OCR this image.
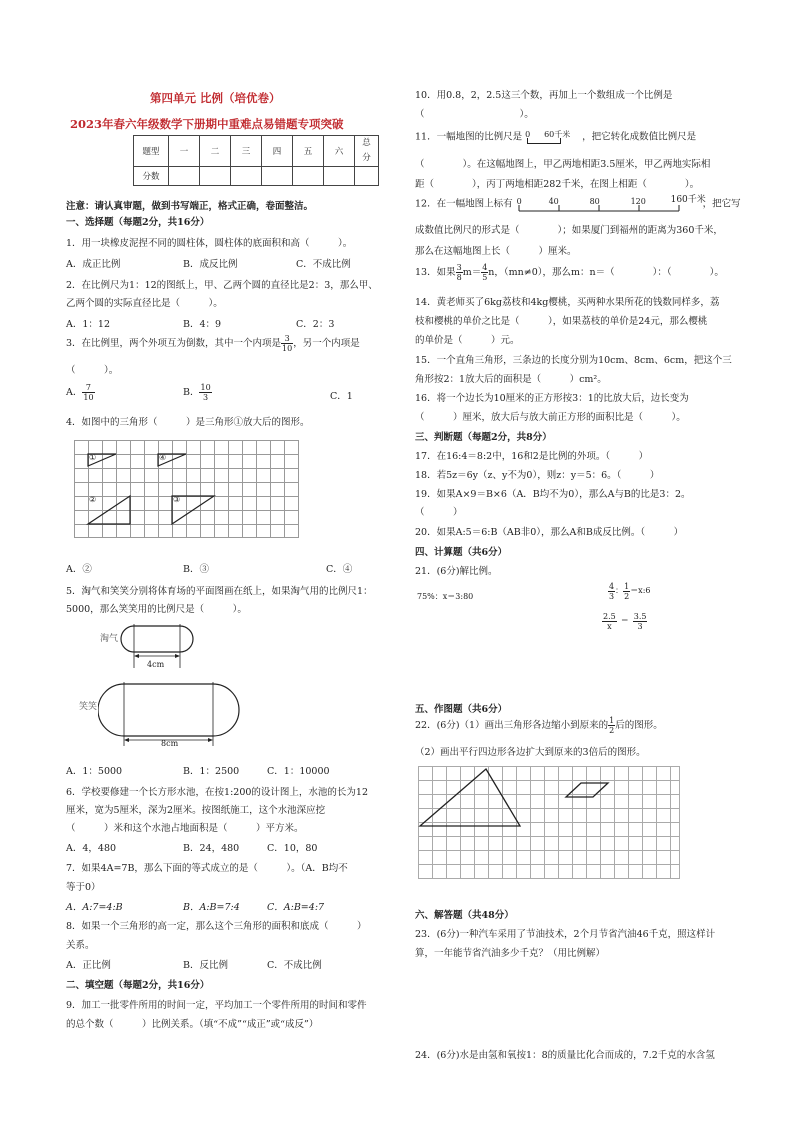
第四单元 比例（培优卷）
2023年春六年级数学下册期中重难点易错题专项突破
题型	一	二	三	四	五	六	总分
分数							
注意：请认真审题，做到书写端正，格式正确，卷面整洁。
一、选择题（每题2分，共16分）
1．用一块橡皮泥捏不同的圆柱体，圆柱体的底面积和高（　　　）。
A．成正比例	B．成反比例	C．不成比例
2．在比例尺为1：12的图纸上，甲、乙两个圆的直径比是2：3，那么甲、
乙两个圆的实际直径比是（　　　）。
A．1：12	B．4：9	C．2：3
3．在比例里，两个外项互为倒数，其中一个内项是 $\frac{3}{10}$ ，另一个内项是
（　　　）。
A． $\frac{7}{10}$	B． $\frac{10}{3}$	C．1
4．如图中的三角形（　　　）是三角形①放大后的图形。
①	④
②	③
A．②	B．③	C．④
5．淘气和笑笑分别将体育场的平面图画在纸上，如果淘气用的比例尺1：
5000，那么笑笑用的比例尺是（　　　）。
淘气
4cm
笑笑
8cm
A．1：5000	B．1：2500	C．1：10000
6．学校要修建一个长方形水池，在按1:200的设计图上，水池的长为12
厘米，宽为5厘米，深为2厘米。按图纸施工，这个水池深应挖
（　　　）米和这个水池占地面积是（　　　）平方米。
A．4，480	B．24，480	C．10，80
7．如果4A=7B，那么下面的等式成立的是（　　　）。（A．B均不
等于0）
A．A:7=4:B	B．A:B=7:4	C．A:B=4:7
8．如果一个三角形的高一定，那么这个三角形的面积和底成（　　　）
关系。
A．正比例	B．反比例	C．不成比例
二、填空题（每题2分，共16分）
9．加工一批零件所用的时间一定，平均加工一个零件所用的时间和零件
的总个数（　　　）比例关系。（填“不成”“成正”或“成反”）
10．用0.8，2，2.5这三个数，再加上一个数组成一个比例是
（　　　　　　　　　　）。
11．一幅地图的比例尺是 0 60千米 ，把它转化成数值比例尺是
（　　　　）。在这幅地图上，甲乙两地相距3.5厘米，甲乙两地实际相
距（　　　　），丙丁两地相距282千米，在图上相距（　　　　）。
12．在一幅地图上标有 0	40	80	120	160千米
，把它写
成数值比例尺的形式是（　　　　）；如果厦门到福州的距离为360千米，
那么在这幅地图上长（　　　）厘米。
13．如果 $\frac{3}{8} m= \frac{4}{5}$ n，（mn≠0），那么m：n＝（　　　　）：（　　　　）。
14．黄老师买了6kg荔枝和4kg樱桃，买两种水果所花的钱数同样多，荔
枝和樱桃的单价之比是（　　　），如果荔枝的单价是24元，那么樱桃
的单价是（　　　）元。
15．一个直角三角形，三条边的长度分别为10cm、8cm、6cm，把这个三
角形按2：1放大后的面积是（　　　）cm²。
16．将一个边长为10厘米的正方形按3：1的比放大后，边长变为
（　　　）厘米，放大后与放大前正方形的面积比是（　　　）。
三、判断题（每题2分，共8分）
17．在16:4＝8:2中，16和2是比例的外项。（　　　）
18．若5z＝6y（z、y不为0），则z：y＝5：6。（　　　）
19．如果A×9＝B×6（A．B均不为0），那么A与B的比是3：2。
（　　　）
20．如果A:5＝6:B（AB非0），那么A和B成反比例。（　　　）
四、计算题（共6分）
21．(6分)解比例。
75%：x＝3:80	$\frac{4}{3}$ ： $\frac{1}{2}$ ＝x:6
$\frac{2.5}{x} = \frac{3.5}{3}$
五、作图题（共6分）
22．(6分)（1）画出三角形各边缩小到原来的 $\frac{1}{2}$ 后的图形。
（2）画出平行四边形各边扩大到原来的3倍后的图形。
六、解答题（共48分）
23．(6分)一种汽车采用了节油技术，2个月节省汽油46千克，照这样计
算，一年能节省汽油多少千克？（用比例解）
24．(6分)水是由氢和氧按1：8的质量比化合而成的，7.2千克的水含氢
